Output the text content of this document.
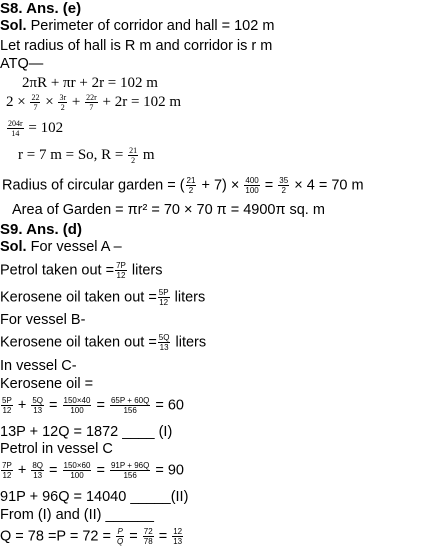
S8. Ans. (e)
Sol. Perimeter of corridor and hall = 102 m
Let radius of hall is R m and corridor is r m
ATQ—
2πR + πr + 2r = 102 m
$2 \times \frac{22}{7} \times \frac{3r}{2} + \frac{22r}{7} + 2r = 102$ m
$\frac{204r}{14} = 102$
r = 7 m = So, $R = \frac{21}{2}$ m
Radius of circular garden = ( $\frac{21}{2} + 7) \times \frac{400}{100} = \frac{35}{2} \times 4 = 70$ m
Area of Garden = πr² = 70 × 70 π = 4900π sq. m
S9. Ans. (d)
Sol. For vessel A –
Petrol taken out = $\frac{7P}{12}$ liters
Kerosene oil taken out = $\frac{5P}{12}$ liters
For vessel B-
Kerosene oil taken out = $\frac{5Q}{13}$ liters
In vessel C-
Kerosene oil =
$\frac{5P}{12} + \frac{5Q}{13} = \frac{150\times 40}{100} = \frac{65P + 60Q}{156} = 60$
13P + 12Q = 1872 ____ (I)
Petrol in vessel C
$\frac{7P}{12} + \frac{8Q}{13} = \frac{150\times 60}{100} = \frac{91P + 96Q}{156} = 90$
91P + 96Q = 14040 _____(II)
From (I) and (II) ______
$Q = 78 =P = 72 = \frac{P}{Q} = \frac{72}{78} = \frac{12}{13}$
